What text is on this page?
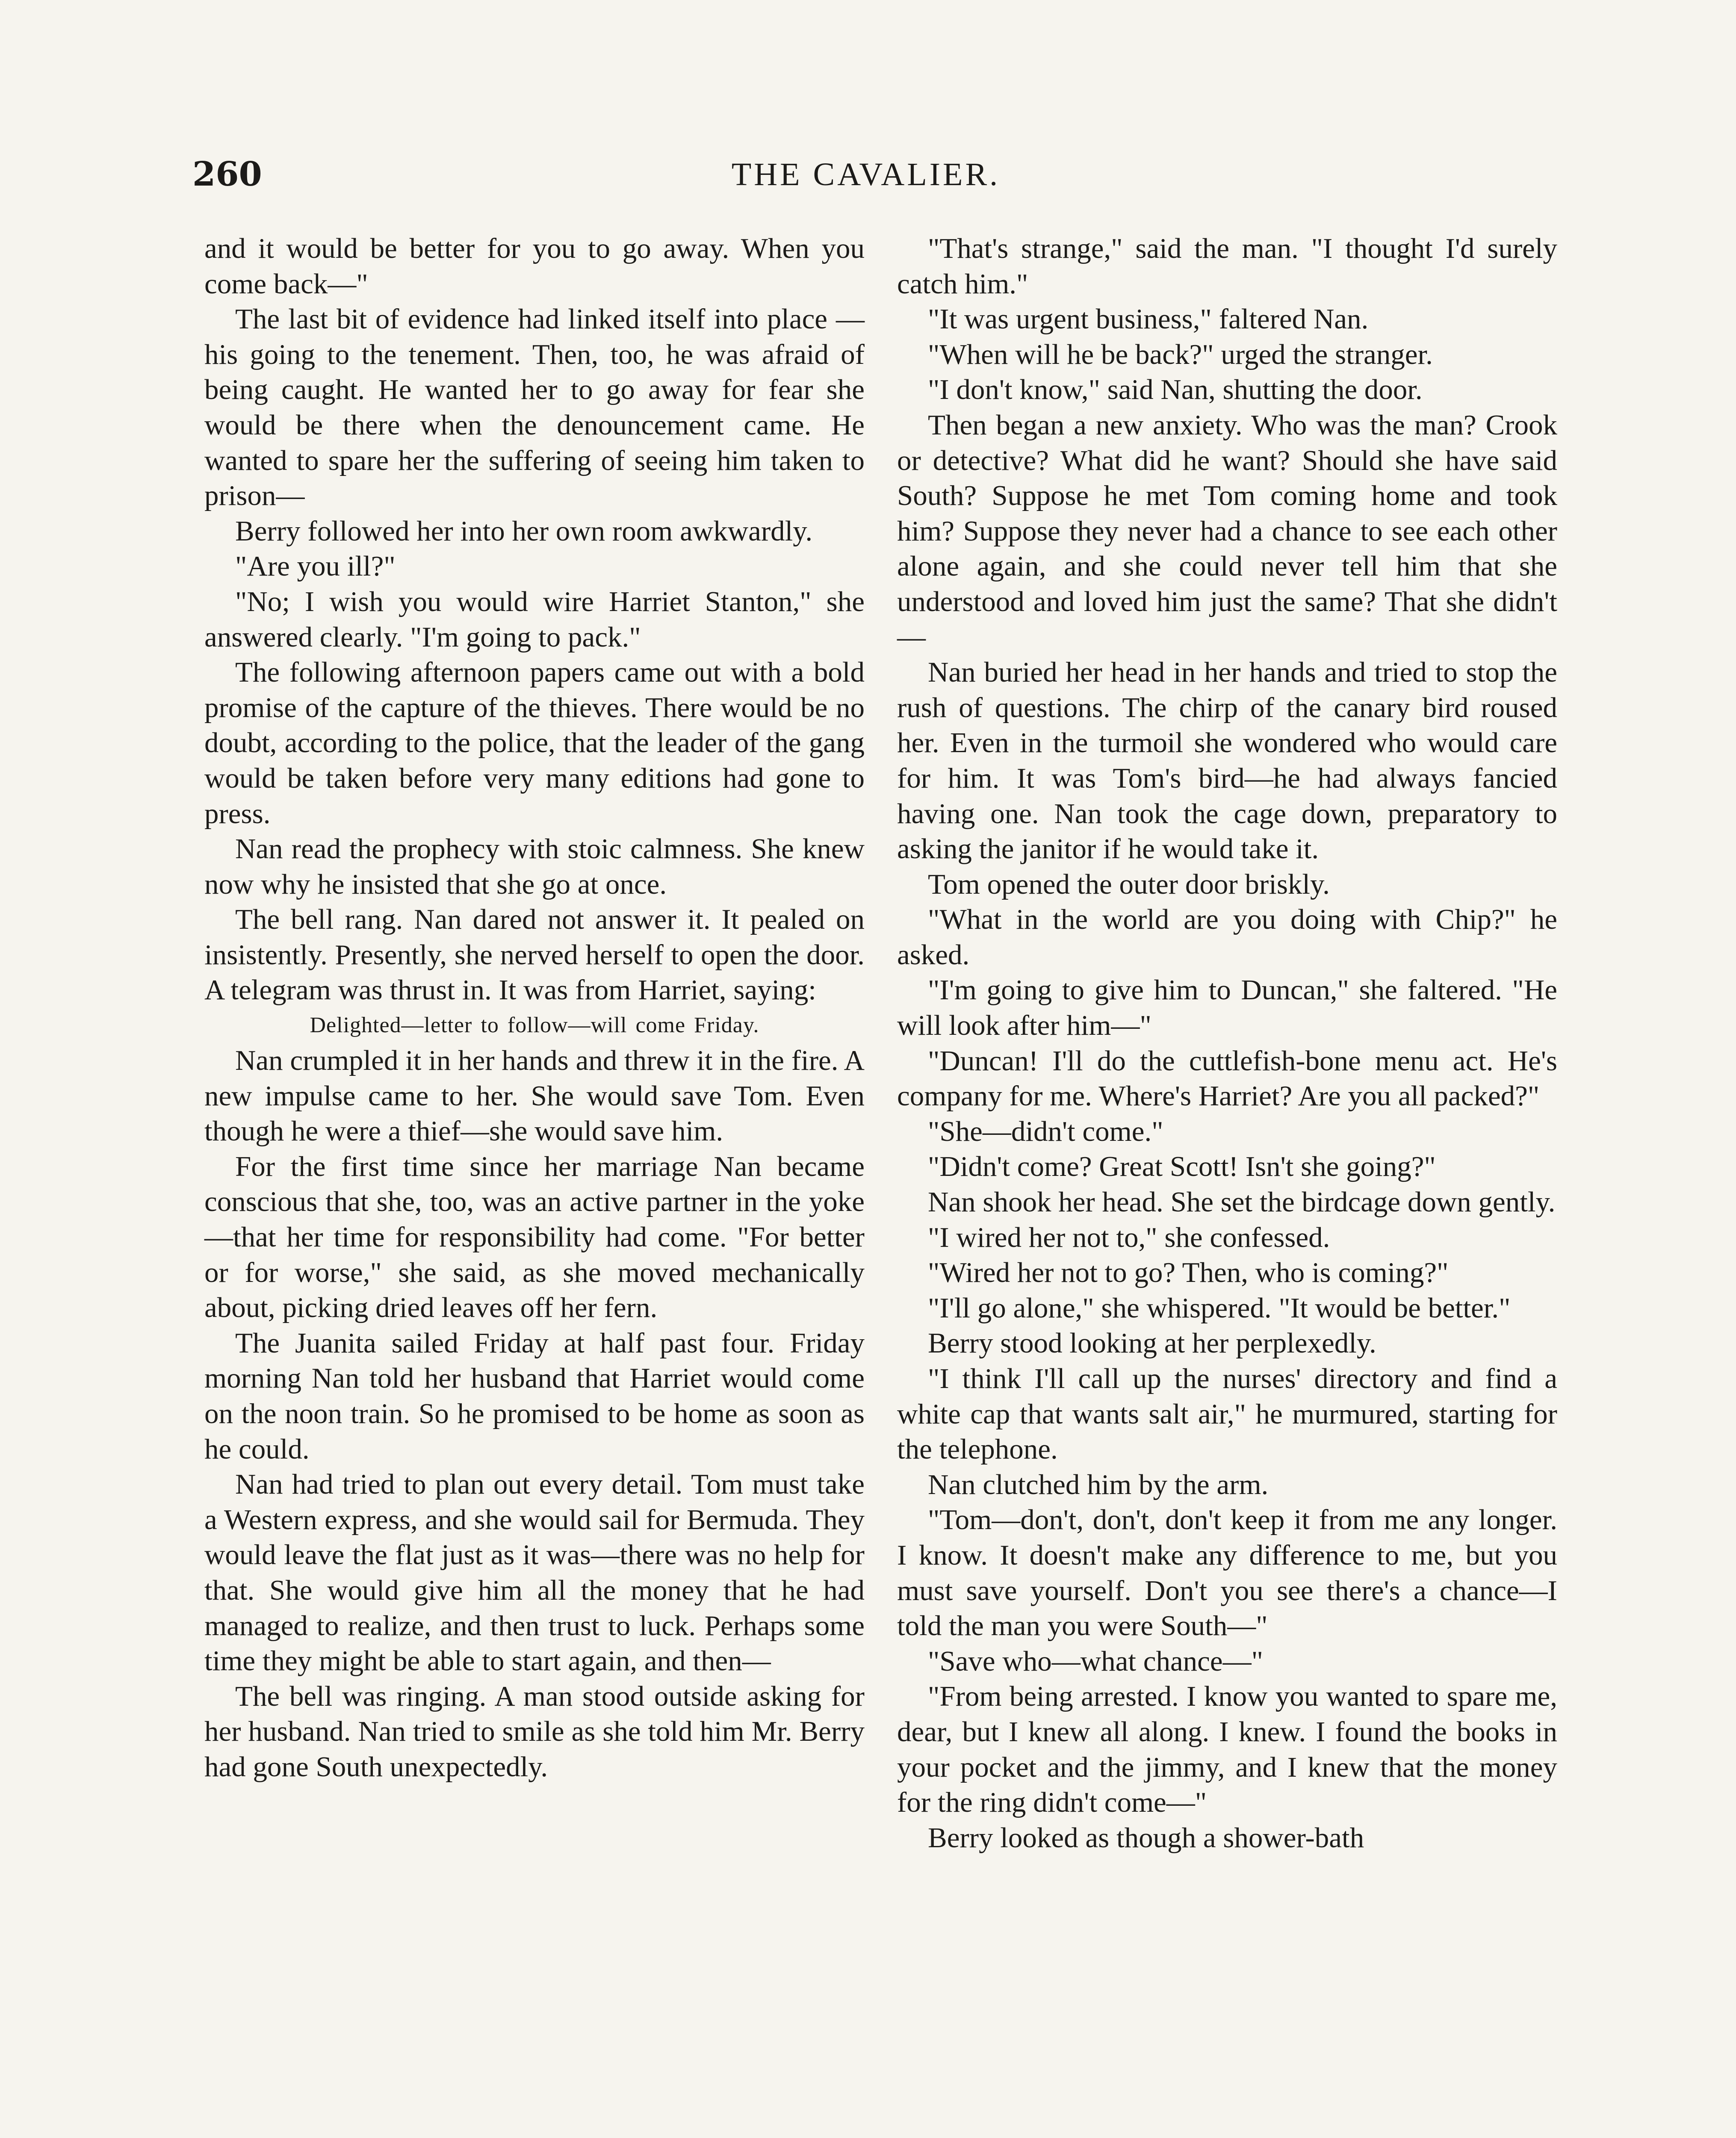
260	THE CAVALIER.

and it would be better for you to go away. When you come back—"

The last bit of evidence had linked itself into place — his going to the tenement. Then, too, he was afraid of being caught. He wanted her to go away for fear she would be there when the denouncement came. He wanted to spare her the suffering of seeing him taken to prison—

Berry followed her into her own room awkwardly.

"Are you ill?"

"No; I wish you would wire Harriet Stanton," she answered clearly. "I'm going to pack."

The following afternoon papers came out with a bold promise of the capture of the thieves. There would be no doubt, according to the police, that the leader of the gang would be taken before very many editions had gone to press.

Nan read the prophecy with stoic calmness. She knew now why he insisted that she go at once.

The bell rang. Nan dared not answer it. It pealed on insistently. Presently, she nerved herself to open the door. A telegram was thrust in. It was from Harriet, saying:

Delighted—letter to follow—will come Friday.

Nan crumpled it in her hands and threw it in the fire. A new impulse came to her. She would save Tom. Even though he were a thief—she would save him.

For the first time since her marriage Nan became conscious that she, too, was an active partner in the yoke—that her time for responsibility had come. "For better or for worse," she said, as she moved mechanically about, picking dried leaves off her fern.

The Juanita sailed Friday at half past four. Friday morning Nan told her husband that Harriet would come on the noon train. So he promised to be home as soon as he could.

Nan had tried to plan out every detail. Tom must take a Western express, and she would sail for Bermuda. They would leave the flat just as it was—there was no help for that. She would give him all the money that he had managed to realize, and then trust to luck. Perhaps some time they might be able to start again, and then—

The bell was ringing. A man stood outside asking for her husband. Nan tried to smile as she told him Mr. Berry had gone South unexpectedly.

"That's strange," said the man. "I thought I'd surely catch him."

"It was urgent business," faltered Nan.

"When will he be back?" urged the stranger.

"I don't know," said Nan, shutting the door.

Then began a new anxiety. Who was the man? Crook or detective? What did he want? Should she have said South? Suppose he met Tom coming home and took him? Suppose they never had a chance to see each other alone again, and she could never tell him that she understood and loved him just the same? That she didn't—

Nan buried her head in her hands and tried to stop the rush of questions. The chirp of the canary bird roused her. Even in the turmoil she wondered who would care for him. It was Tom's bird—he had always fancied having one. Nan took the cage down, preparatory to asking the janitor if he would take it.

Tom opened the outer door briskly.

"What in the world are you doing with Chip?" he asked.

"I'm going to give him to Duncan," she faltered. "He will look after him—"

"Duncan! I'll do the cuttlefish-bone menu act. He's company for me. Where's Harriet? Are you all packed?"

"She—didn't come."

"Didn't come? Great Scott! Isn't she going?"

Nan shook her head. She set the birdcage down gently.

"I wired her not to," she confessed.

"Wired her not to go? Then, who is coming?"

"I'll go alone," she whispered. "It would be better."

Berry stood looking at her perplexedly.

"I think I'll call up the nurses' directory and find a white cap that wants salt air," he murmured, starting for the telephone.

Nan clutched him by the arm.

"Tom—don't, don't, don't keep it from me any longer. I know. It doesn't make any difference to me, but you must save yourself. Don't you see there's a chance—I told the man you were South—"

"Save who—what chance—"

"From being arrested. I know you wanted to spare me, dear, but I knew all along. I knew. I found the books in your pocket and the jimmy, and I knew that the money for the ring didn't come—"

Berry looked as though a shower-bath
